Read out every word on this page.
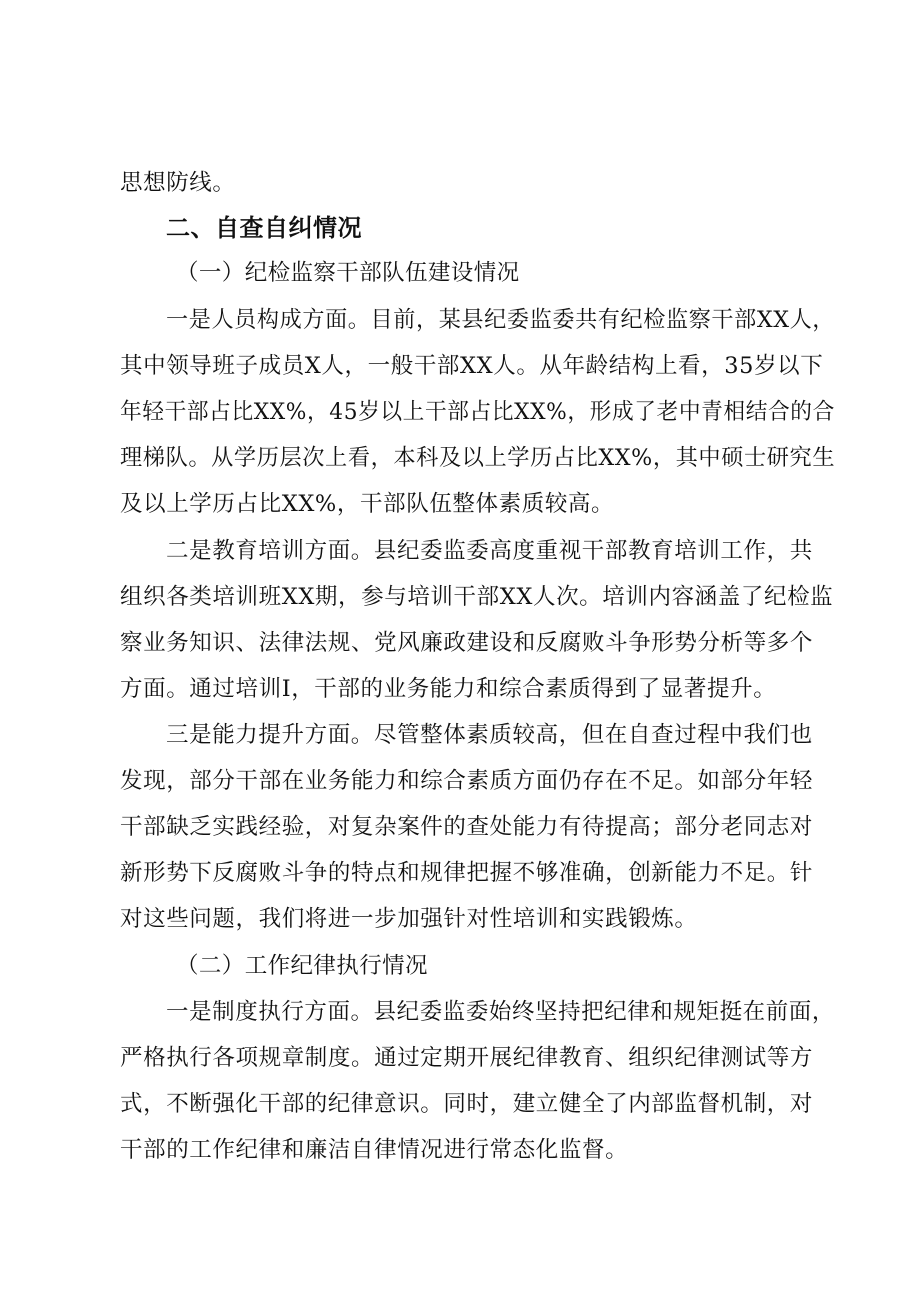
思想防线。
二、自查自纠情况
（一）纪检监察干部队伍建设情况
一是人员构成方面。目前，某县纪委监委共有纪检监察干部XX人，
其中领导班子成员X人，一般干部XX人。从年龄结构上看，35岁以下
年轻干部占比XX%，45岁以上干部占比XX%，形成了老中青相结合的合
理梯队。从学历层次上看，本科及以上学历占比XX%，其中硕士研究生
及以上学历占比XX%，干部队伍整体素质较高。
二是教育培训方面。县纪委监委高度重视干部教育培训工作，共
组织各类培训班XX期，参与培训干部XX人次。培训内容涵盖了纪检监
察业务知识、法律法规、党风廉政建设和反腐败斗争形势分析等多个
方面。通过培训I，干部的业务能力和综合素质得到了显著提升。
三是能力提升方面。尽管整体素质较高，但在自查过程中我们也
发现，部分干部在业务能力和综合素质方面仍存在不足。如部分年轻
干部缺乏实践经验，对复杂案件的查处能力有待提高；部分老同志对
新形势下反腐败斗争的特点和规律把握不够准确，创新能力不足。针
对这些问题，我们将进一步加强针对性培训和实践锻炼。
（二）工作纪律执行情况
一是制度执行方面。县纪委监委始终坚持把纪律和规矩挺在前面，
严格执行各项规章制度。通过定期开展纪律教育、组织纪律测试等方
式，不断强化干部的纪律意识。同时，建立健全了内部监督机制，对
干部的工作纪律和廉洁自律情况进行常态化监督。
